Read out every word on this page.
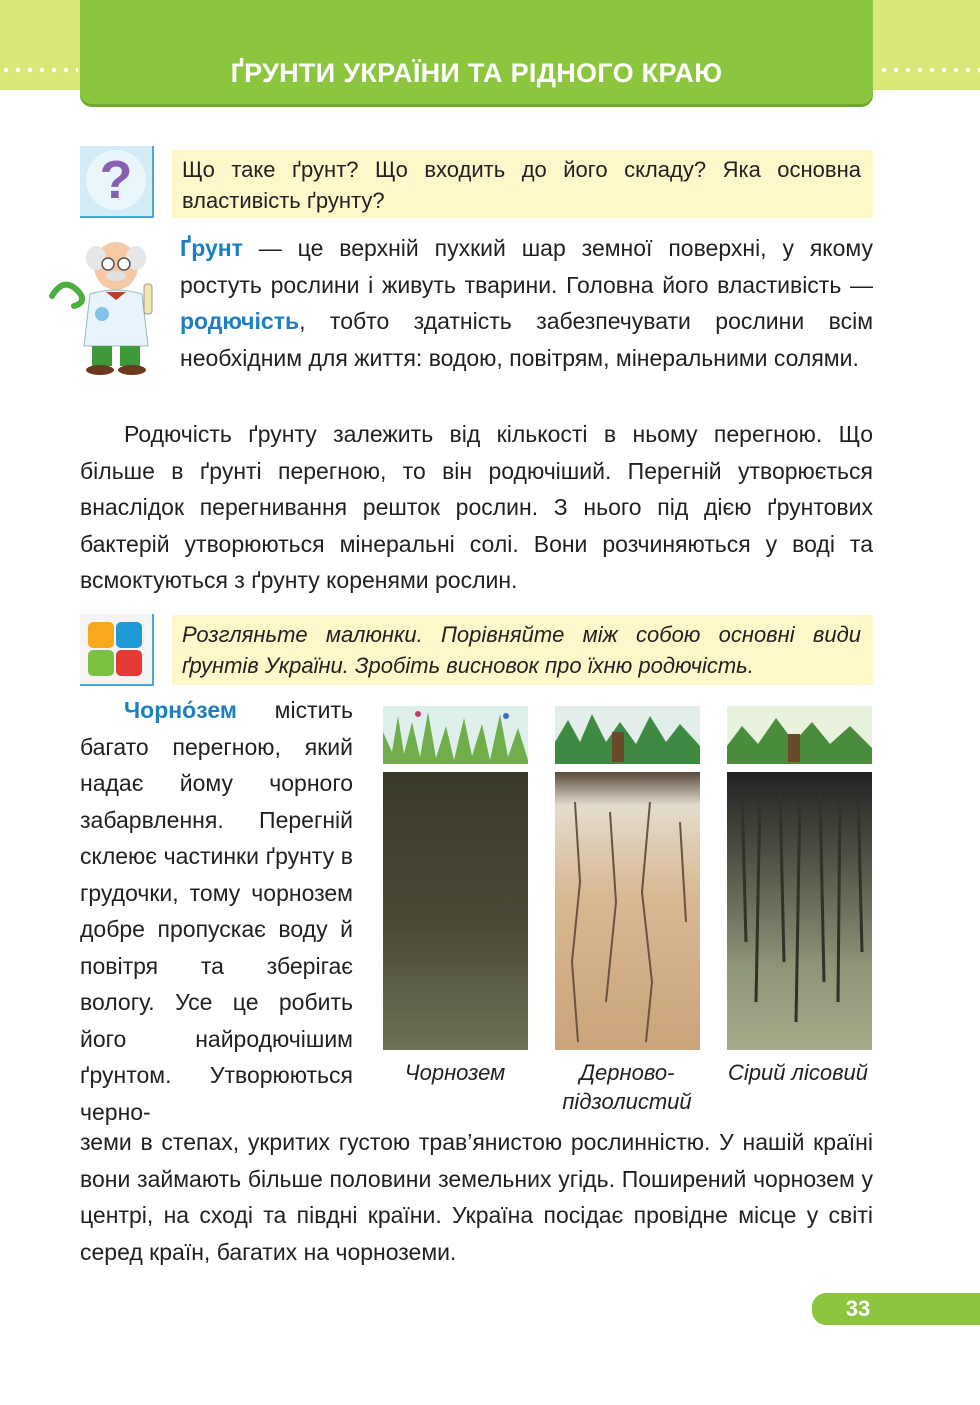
ҐРУНТИ УКРАЇНИ ТА РІДНОГО КРАЮ
?	Що таке ґрунт? Що входить до його складу? Яка основна властивість ґрунту?

Ґрунт — це верхній пухкий шар земної поверхні, у якому ростуть рослини і живуть тварини. Головна його властивість — родючість, тобто здатність забезпечувати рослини всім необхідним для життя: водою, повітрям, мінеральними солями.

Родючість ґрунту залежить від кількості в ньому перегною. Що більше в ґрунті перегною, то він родючіший. Перегній утворюється внаслідок перегнивання решток рослин. З нього під дією ґрунтових бактерій утворюються мінеральні солі. Вони розчиняються у воді та всмоктуються з ґрунту коренями рослин.

Розгляньте малюнки. Порівняйте між собою основні види ґрунтів України. Зробіть висновок про їхню родючість.

Чорно́зем містить багато перегною, який надає йому чорного забарвлення. Перегній склеює частинки ґрунту в грудочки, тому чорнозем добре пропускає воду й повітря та зберігає вологу. Усе це робить його найродючішим ґрунтом. Утворюються черно-

Чорнозем	Дерново-
підзолистий
Сірий лісовий

земи в степах, укритих густою трав’янистою рослинністю. У нашій країні вони займають більше половини земельних угідь. Поширений чорнозем у центрі, на сході та півдні країни. Україна посідає провідне місце у світі серед країн, багатих на чорноземи.

33
